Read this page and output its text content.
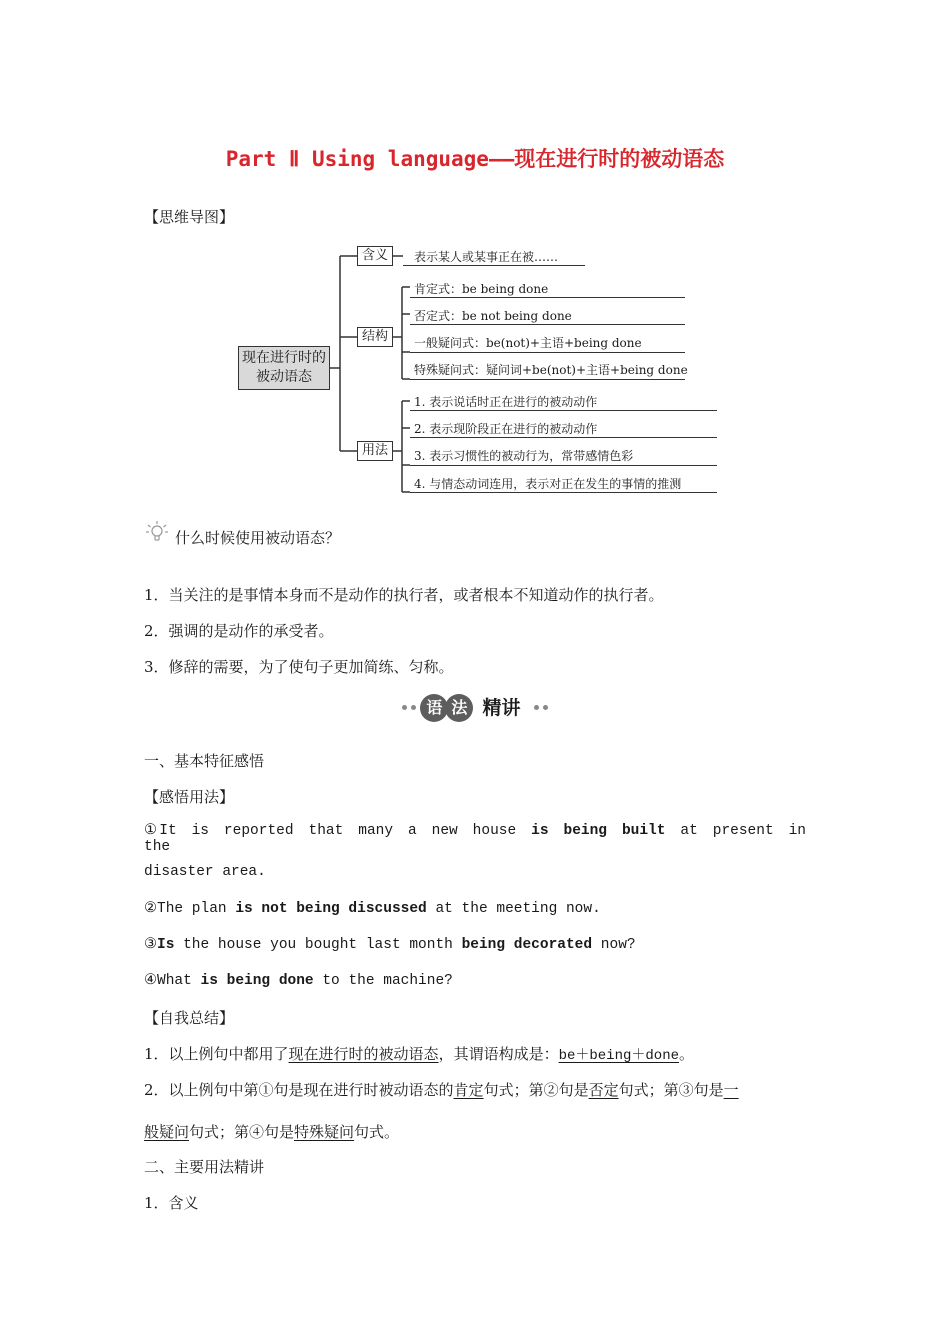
Part Ⅱ Using language——现在进行时的被动语态
【思维导图】
现在进行时的被动语态
含义
结构
用法
表示某人或某事正在被……
肯定式：be being done
否定式：be not being done
一般疑问式：be(not)+主语+being done
特殊疑问式：疑问词+be(not)+主语+being done
1. 表示说话时正在进行的被动动作
2. 表示现阶段正在进行的被动动作
3. 表示习惯性的被动行为，常带感情色彩
4. 与情态动词连用，表示对正在发生的事情的推测
什么时候使用被动语态？
1．当关注的是事情本身而不是动作的执行者，或者根本不知道动作的执行者。
2．强调的是动作的承受者。
3．修辞的需要，为了使句子更加简练、匀称。
语 法 精讲
一、基本特征感悟
【感悟用法】
①It is reported that many a new house is being built at present in the
disaster area.
②The plan is not being discussed at the meeting now.
③Is the house you bought last month being decorated now?
④What is being done to the machine?
【自我总结】
1．以上例句中都用了现在进行时的被动语态，其谓语构成是：be＋being＋done。
2．以上例句中第①句是现在进行时被动语态的肯定句式；第②句是否定句式；第③句是一
般疑问句式；第④句是特殊疑问句式。
二、主要用法精讲
1．含义
